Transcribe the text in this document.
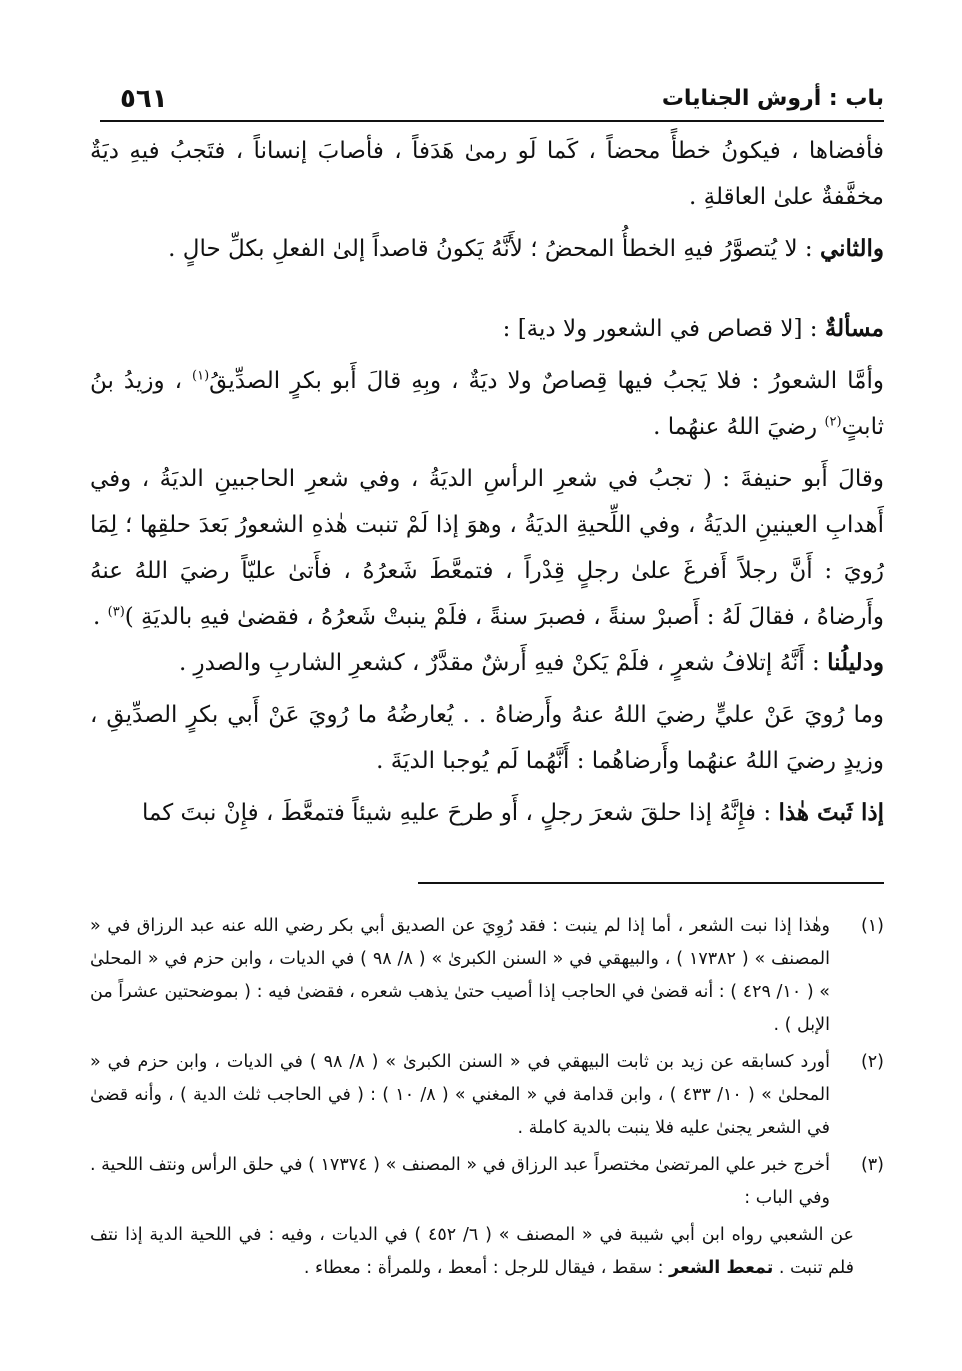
باب : أروش الجنايات
٥٦١

فأفضاها ، فيكونُ خطأً محضاً ، كَما لَو رمىٰ هَدَفاً ، فأصابَ إنساناً ، فتَجبُ فيهِ ديَةٌ مخفَّفةٌ علىٰ العاقلةِ .

والثاني : لا يُتصوَّرُ فيهِ الخطأُ المحضُ ؛ لأَنَّهُ يَكونُ قاصداً إلىٰ الفعلِ بكلِّ حالٍ .

مسألةٌ : [لا قصاص في الشعور ولا دية] :

وأمَّا الشعورُ : فلا يَجبُ فيها قِصاصٌ ولا ديَةٌ ، وبِهِ قالَ أَبو بكرٍ الصدِّيقُ$^{(١)}$ ، وزيدُ بنُ ثابتٍ$^{(٢)}$ رضيَ اللهُ عنهُما .

وقالَ أَبو حنيفةَ : ( تجبُ في شعرِ الرأسِ الديَةُ ، وفي شعرِ الحاجبينِ الديَةُ ، وفي أَهدابِ العينينِ الديَةُ ، وفي اللِّحيةِ الديَةُ ، وهوَ إذا لَمْ تنبت هٰذهِ الشعورُ بَعدَ حلقِها ؛ لِمَا رُويَ : أَنَّ رجلاً أَفرغَ علىٰ رجلٍ قِدْراً ، فتمعَّطَ شَعرُهُ ، فأَتىٰ عليّاً رضيَ اللهُ عنهُ وأَرضاهُ ، فقالَ لَهُ : أَصبرْ سنةً ، فصبرَ سنةً ، فلَمْ ينبتْ شَعرُهُ ، فقضىٰ فيهِ بالديَةِ )$^{(٣)}$ .

ودليلُنا : أَنَّهُ إتلافُ شعرٍ ، فلَمْ يَكنْ فيهِ أَرشٌ مقدَّرٌ ، كشعرِ الشاربِ والصدرِ .

وما رُويَ عَنْ عليٍّ رضيَ اللهُ عنهُ وأَرضاهُ . . يُعارضُهُ ما رُويَ عَنْ أَبي بكرٍ الصدِّيقِ ، وزيدٍ رضيَ اللهُ عنهُما وأَرضاهُما : أَنَّهُما لَم يُوجبا الديَةَ .

إذا ثَبتَ هٰذا : فإِنَّهُ إذا حلقَ شعرَ رجلٍ ، أَو طرحَ عليهِ شيئاً فتمعَّطَ ، فإِنْ نبتَ كما

(١)
وهٰذا إذا نبت الشعر ، أما إذا لم ينبت : فقد رُوِيَ عن الصديق أبي بكر رضي الله عنه عبد الرزاق في « المصنف » ( ١٧٣٨٢ ) ، والبيهقي في « السنن الكبرىٰ » ( ٨/ ٩٨ ) في الديات ، وابن حزم في « المحلىٰ » ( ١٠/ ٤٢٩ ) : أنه قضىٰ في الحاجب إذا أصيب حتىٰ يذهب شعره ، فقضىٰ فيه : ( بموضحتين عشراً من الإبل ) .

(٢)
أورد كسابقه عن زيد بن ثابت البيهقي في « السنن الكبرىٰ » ( ٨/ ٩٨ ) في الديات ، وابن حزم في « المحلىٰ » ( ١٠/ ٤٣٣ ) ، وابن قدامة في « المغني » ( ٨/ ١٠ ) : ( في الحاجب ثلث الدية ) ، وأنه قضىٰ في الشعر يجنىٰ عليه فلا ينبت بالدية كاملة .

(٣)
أخرج خبر علي المرتضىٰ مختصراً عبد الرزاق في « المصنف » ( ١٧٣٧٤ ) في حلق الرأس ونتف اللحية . وفي الباب :

عن الشعبي رواه ابن أبي شيبة في « المصنف » ( ٦/ ٤٥٢ ) في الديات ، وفيه : في اللحية الدية إذا نتف فلم تنبت . تمعط الشعر : سقط ، فيقال للرجل : أمعط ، وللمرأة : معطاء .
